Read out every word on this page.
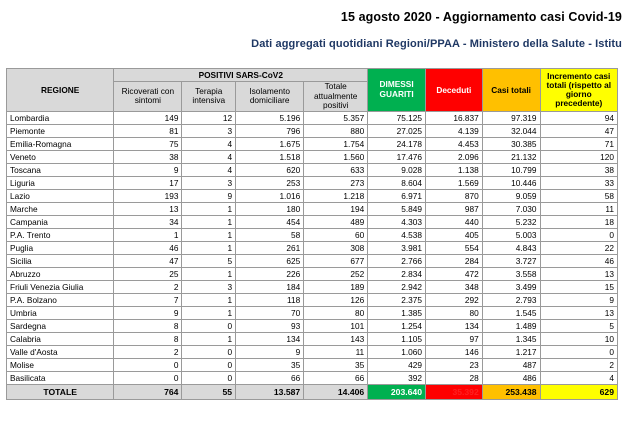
15 agosto 2020 - Aggiornamento casi Covid-19
Dati aggregati quotidiani Regioni/PPAA - Ministero della Salute - Istitu
REGIONE	POSITIVI SARS-CoV2				DIMESSI GUARITI	Deceduti	Casi totali	Incremento casi totali (rispetto al giorno precedente)
	Ricoverati con sintomi	Terapia intensiva	Isolamento domiciliare	Totale attualmente positivi				
Lombardia	149	12	5.196	5.357	75.125	16.837	97.319	94
Piemonte	81	3	796	880	27.025	4.139	32.044	47
Emilia-Romagna	75	4	1.675	1.754	24.178	4.453	30.385	71
Veneto	38	4	1.518	1.560	17.476	2.096	21.132	120
Toscana	9	4	620	633	9.028	1.138	10.799	38
Liguria	17	3	253	273	8.604	1.569	10.446	33
Lazio	193	9	1.016	1.218	6.971	870	9.059	58
Marche	13	1	180	194	5.849	987	7.030	11
Campania	34	1	454	489	4.303	440	5.232	18
P.A. Trento	1	1	58	60	4.538	405	5.003	0
Puglia	46	1	261	308	3.981	554	4.843	22
Sicilia	47	5	625	677	2.766	284	3.727	46
Abruzzo	25	1	226	252	2.834	472	3.558	13
Friuli Venezia Giulia	2	3	184	189	2.942	348	3.499	15
P.A. Bolzano	7	1	118	126	2.375	292	2.793	9
Umbria	9	1	70	80	1.385	80	1.545	13
Sardegna	8	0	93	101	1.254	134	1.489	5
Calabria	8	1	134	143	1.105	97	1.345	10
Valle d'Aosta	2	0	9	11	1.060	146	1.217	0
Molise	0	0	35	35	429	23	487	2
Basilicata	0	0	66	66	392	28	486	4
TOTALE	764	55	13.587	14.406	203.640	35.392	253.438	629
